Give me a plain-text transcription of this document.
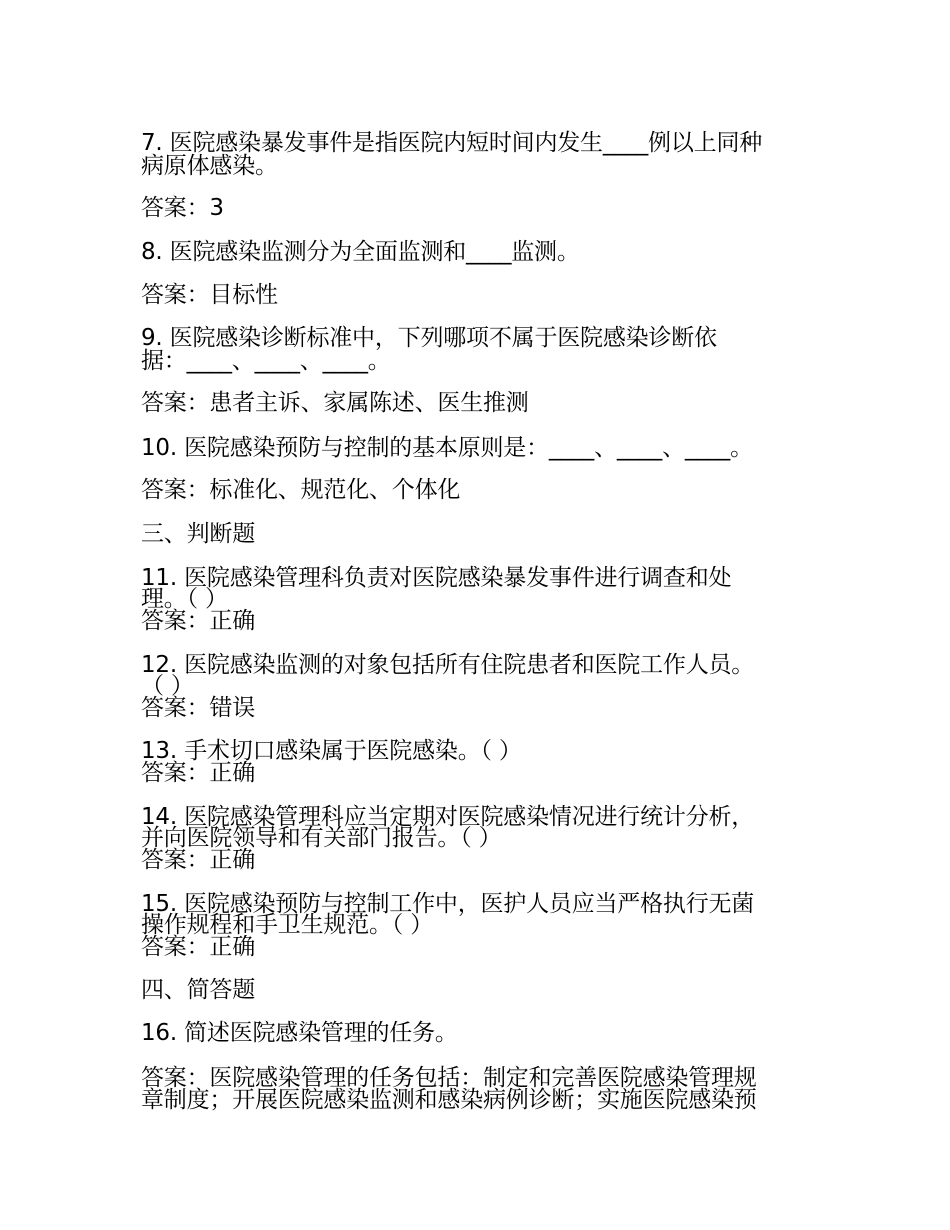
7. 医院感染暴发事件是指医院内短时间内发生____例以上同种

病原体感染。

答案：3

8. 医院感染监测分为全面监测和____监测。

答案：目标性

9. 医院感染诊断标准中，下列哪项不属于医院感染诊断依

据：____、____、____。

答案：患者主诉、家属陈述、医生推测

10. 医院感染预防与控制的基本原则是：____、____、____。

答案：标准化、规范化、个体化

三、判断题

11. 医院感染管理科负责对医院感染暴发事件进行调查和处

理。（ ）

答案：正确

12. 医院感染监测的对象包括所有住院患者和医院工作人员。

（ ）

答案：错误

13. 手术切口感染属于医院感染。（ ）

答案：正确

14. 医院感染管理科应当定期对医院感染情况进行统计分析，

并向医院领导和有关部门报告。（ ）

答案：正确

15. 医院感染预防与控制工作中，医护人员应当严格执行无菌

操作规程和手卫生规范。（ ）

答案：正确

四、简答题

16. 简述医院感染管理的任务。

答案：医院感染管理的任务包括：制定和完善医院感染管理规

章制度；开展医院感染监测和感染病例诊断；实施医院感染预
